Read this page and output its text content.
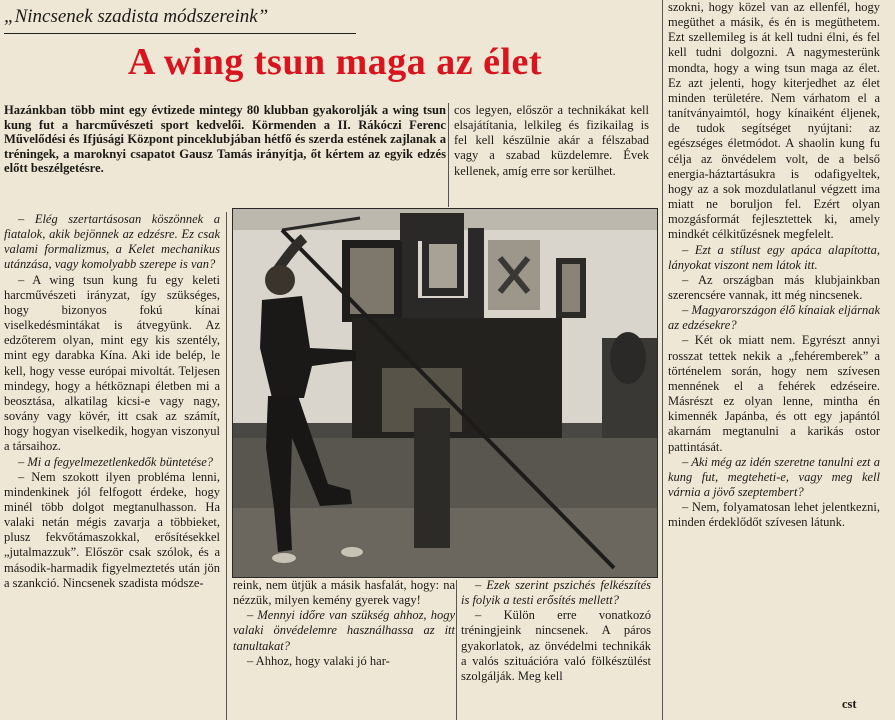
„Nincsenek szadista módszereink”
A wing tsun maga az élet
Hazánkban több mint egy évtizede mintegy 80 klubban gyakorolják a wing tsun kung fut a harcművészeti sport kedvelői. Körmenden a II. Rákóczi Ferenc Művelődési és Ifjúsági Központ pinceklubjában hétfő és szerda estének zajlanak a tréningek, a maroknyi csapatot Gausz Tamás irányítja, őt kértem az egyik edzés előtt beszélgetésre.

– Elég szertartásosan köszönnek a fiatalok, akik bejönnek az edzésre. Ez csak valami formalizmus, a Kelet mechanikus utánzása, vagy komolyabb szerepe is van?

– A wing tsun kung fu egy keleti harcművészeti irányzat, így szükséges, hogy bizonyos fokú kínai viselkedésmintákat is átvegyünk. Az edzőterem olyan, mint egy kis szentély, mint egy darabka Kína. Aki ide belép, le kell, hogy vesse európai mivoltát. Teljesen mindegy, hogy a hétköznapi életben mi a beosztása, alkatilag kicsi-e vagy nagy, sovány vagy kövér, itt csak az számít, hogy hogyan viselkedik, hogyan viszonyul a társaihoz.

– Mi a fegyelmezetlenkedők büntetése?

– Nem szokott ilyen probléma lenni, mindenkinek jól felfogott érdeke, hogy minél több dolgot megtanulhasson. Ha valaki netán mégis zavarja a többieket, plusz fekvőtámaszokkal, erősítésekkel „jutalmazzuk”. Először csak szólok, és a második-harmadik figyelmeztetés után jön a szankció. Nincsenek szadista módsze-

cos legyen, először a technikákat kell elsajátítania, lelkileg és fizikailag is fel kell készülnie akár a félszabad vagy a szabad küzdelemre. Évek kellenek, amíg erre sor kerülhet.

szokni, hogy közel van az ellenfél, hogy megüthet a másik, és én is megüthetem. Ezt szellemileg is át kell tudni élni, és fel kell tudni dolgozni. A nagymesterünk mondta, hogy a wing tsun maga az élet. Ez azt jelenti, hogy kiterjedhet az élet minden területére. Nem várhatom el a tanítványaimtól, hogy kínaiként éljenek, de tudok segítséget nyújtani: az egészséges életmódot. A shaolin kung fu célja az önvédelem volt, de a belső energia-háztartásukra is odafigyeltek, hogy az a sok mozdulatlanul végzett ima miatt ne boruljon fel. Ezért olyan mozgásformát fejlesztettek ki, amely mindkét célkitűzésnek megfelelt.

– Ezt a stílust egy apáca alapította, lányokat viszont nem látok itt.

– Az országban más klubjainkban szerencsére vannak, itt még nincsenek.

– Magyarországon élő kínaiak eljárnak az edzésekre?

– Két ok miatt nem. Egyrészt annyi rosszat tettek nekik a „fehéremberek” a történelem során, hogy nem szívesen mennének el a fehérek edzéseire. Másrészt ez olyan lenne, mintha én kimennék Japánba, és ott egy japántól akarnám megtanulni a karikás ostor pattintását.

– Aki még az idén szeretne tanulni ezt a kung fut, megteheti-e, vagy meg kell várnia a jövő szeptembert?

– Nem, folyamatosan lehet jelentkezni, minden érdeklődőt szívesen látunk.

reink, nem ütjük a másik hasfalát, hogy: na nézzük, milyen kemény gyerek vagy!

– Mennyi időre van szükség ahhoz, hogy valaki önvédelemre használhassa az itt tanultakat?

– Ahhoz, hogy valaki jó har-

– Ezek szerint pszichés felkészítés is folyik a testi erősítés mellett?

– Külön erre vonatkozó tréningjeink nincsenek. A páros gyakorlatok, az önvédelmi technikák a valós szituációra való fölkészülést szolgálják. Meg kell

cst
